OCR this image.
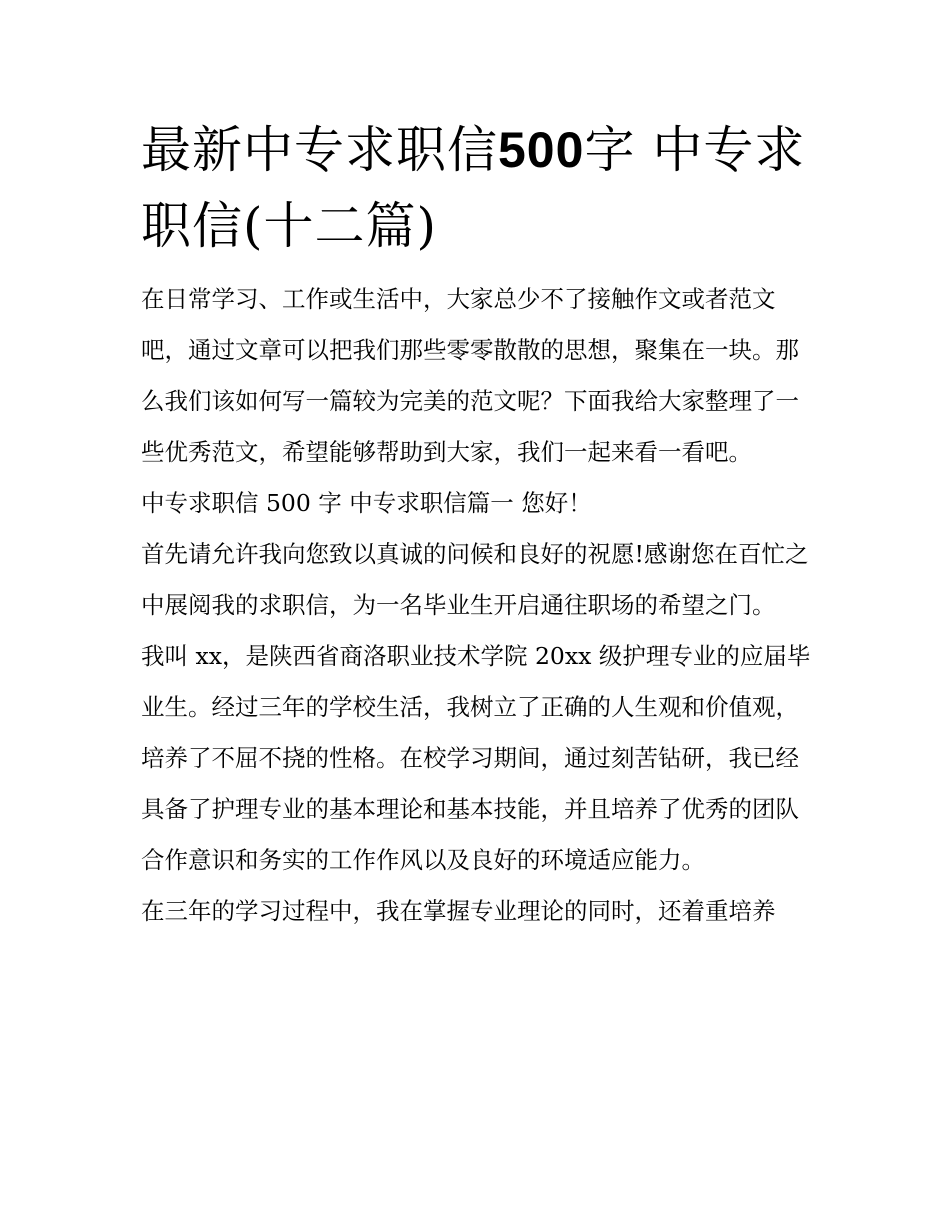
最新中专求职信500字 中专求
职信(十二篇)

在日常学习、工作或生活中，大家总少不了接触作文或者范文吧，通过文章可以把我们那些零零散散的思想，聚集在一块。那么我们该如何写一篇较为完美的范文呢？下面我给大家整理了一些优秀范文，希望能够帮助到大家，我们一起来看一看吧。

中专求职信 500 字 中专求职信篇一 您好！

首先请允许我向您致以真诚的问候和良好的祝愿!感谢您在百忙之中展阅我的求职信，为一名毕业生开启通往职场的希望之门。

我叫 xx，是陕西省商洛职业技术学院 20xx 级护理专业的应届毕业生。经过三年的学校生活，我树立了正确的人生观和价值观，培养了不屈不挠的性格。在校学习期间，通过刻苦钻研，我已经具备了护理专业的基本理论和基本技能，并且培养了优秀的团队合作意识和务实的工作作风以及良好的环境适应能力。

在三年的学习过程中，我在掌握专业理论的同时，还着重培养
